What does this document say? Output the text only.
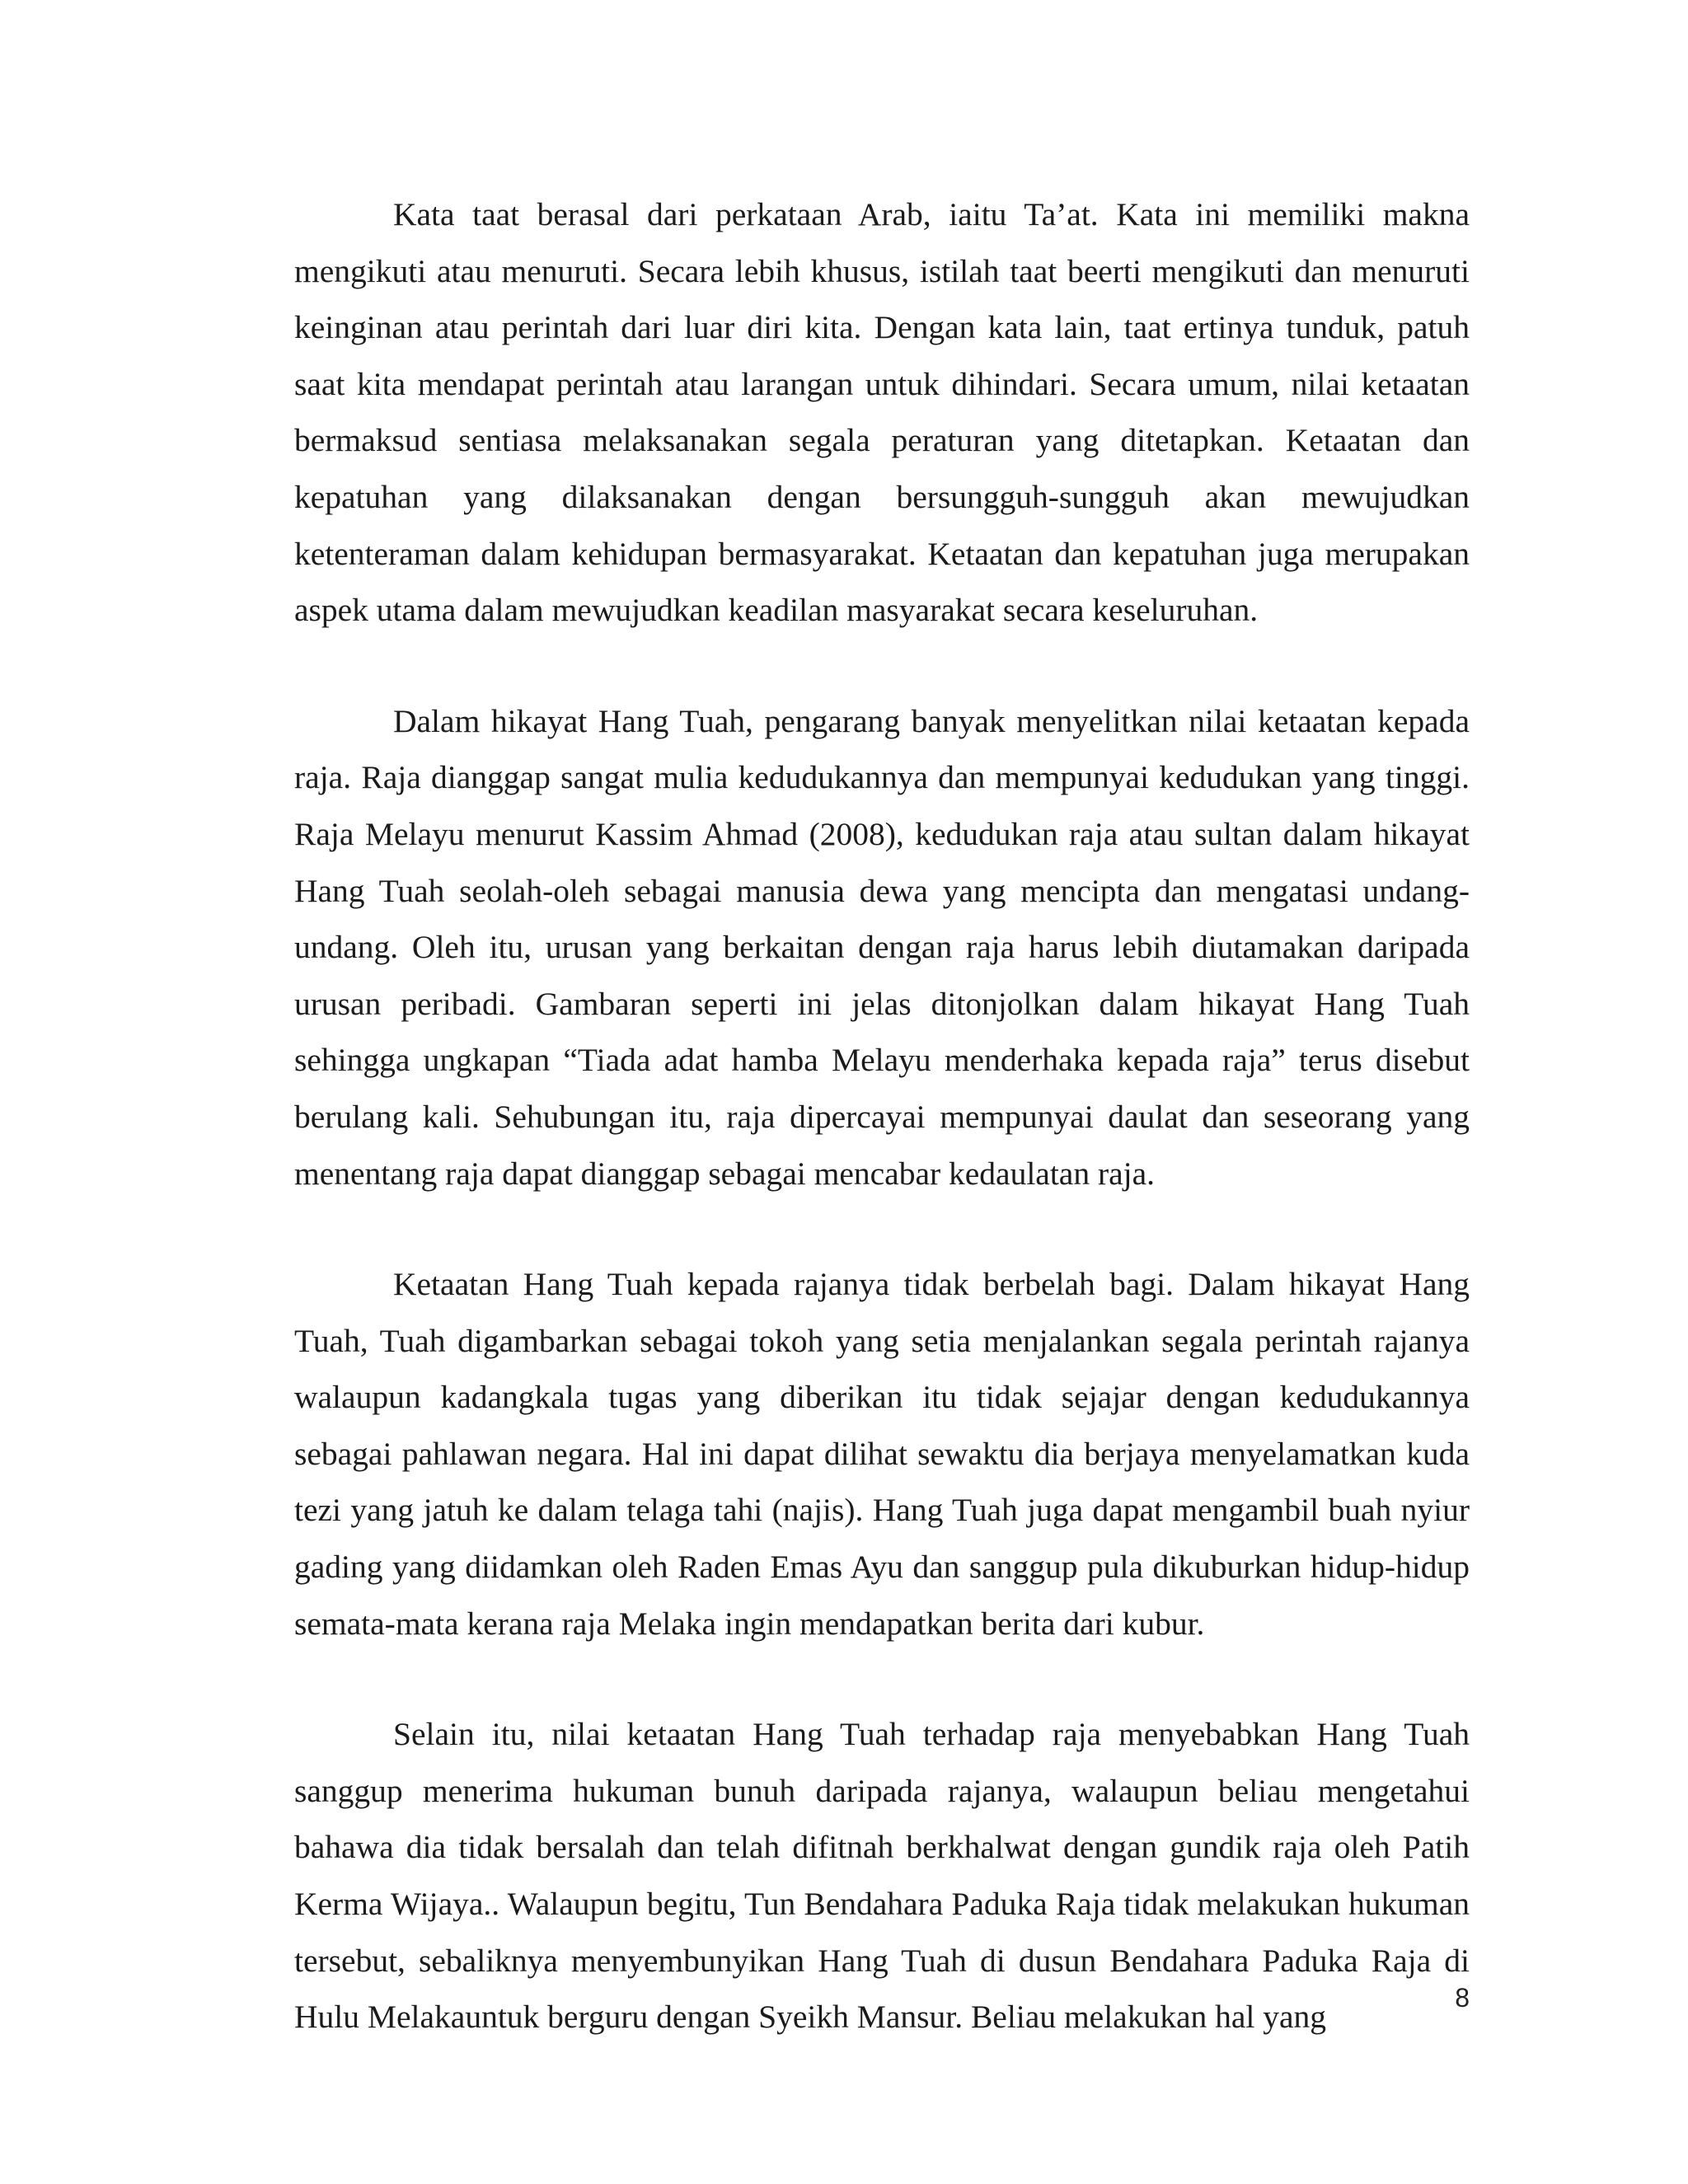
Kata taat berasal dari perkataan Arab, iaitu Ta’at. Kata ini memiliki makna mengikuti atau menuruti. Secara lebih khusus, istilah taat beerti mengikuti dan menuruti keinginan atau perintah dari luar diri kita. Dengan kata lain, taat ertinya tunduk, patuh saat kita mendapat perintah atau larangan untuk dihindari. Secara umum, nilai ketaatan bermaksud sentiasa melaksanakan segala peraturan yang ditetapkan. Ketaatan dan kepatuhan yang dilaksanakan dengan bersungguh-sungguh akan mewujudkan ketenteraman dalam kehidupan bermasyarakat. Ketaatan dan kepatuhan juga merupakan aspek utama dalam mewujudkan keadilan masyarakat secara keseluruhan.

Dalam hikayat Hang Tuah, pengarang banyak menyelitkan nilai ketaatan kepada raja. Raja dianggap sangat mulia kedudukannya dan mempunyai kedudukan yang tinggi. Raja Melayu menurut Kassim Ahmad (2008), kedudukan raja atau sultan dalam hikayat Hang Tuah seolah-oleh sebagai manusia dewa yang mencipta dan mengatasi undang-undang. Oleh itu, urusan yang berkaitan dengan raja harus lebih diutamakan daripada urusan peribadi. Gambaran seperti ini jelas ditonjolkan dalam hikayat Hang Tuah sehingga ungkapan “Tiada adat hamba Melayu menderhaka kepada raja” terus disebut berulang kali. Sehubungan itu, raja dipercayai mempunyai daulat dan seseorang yang menentang raja dapat dianggap sebagai mencabar kedaulatan raja.

Ketaatan Hang Tuah kepada rajanya tidak berbelah bagi. Dalam hikayat Hang Tuah, Tuah digambarkan sebagai tokoh yang setia menjalankan segala perintah rajanya walaupun kadangkala tugas yang diberikan itu tidak sejajar dengan kedudukannya sebagai pahlawan negara. Hal ini dapat dilihat sewaktu dia berjaya menyelamatkan kuda tezi yang jatuh ke dalam telaga tahi (najis). Hang Tuah juga dapat mengambil buah nyiur gading yang diidamkan oleh Raden Emas Ayu dan sanggup pula dikuburkan hidup-hidup semata-mata kerana raja Melaka ingin mendapatkan berita dari kubur.

Selain itu, nilai ketaatan Hang Tuah terhadap raja menyebabkan Hang Tuah sanggup menerima hukuman bunuh daripada rajanya, walaupun beliau mengetahui bahawa dia tidak bersalah dan telah difitnah berkhalwat dengan gundik raja oleh Patih Kerma Wijaya.. Walaupun begitu, Tun Bendahara Paduka Raja tidak melakukan hukuman tersebut, sebaliknya menyembunyikan Hang Tuah di dusun Bendahara Paduka Raja di Hulu Melakauntuk berguru dengan Syeikh Mansur. Beliau melakukan hal yang

8
